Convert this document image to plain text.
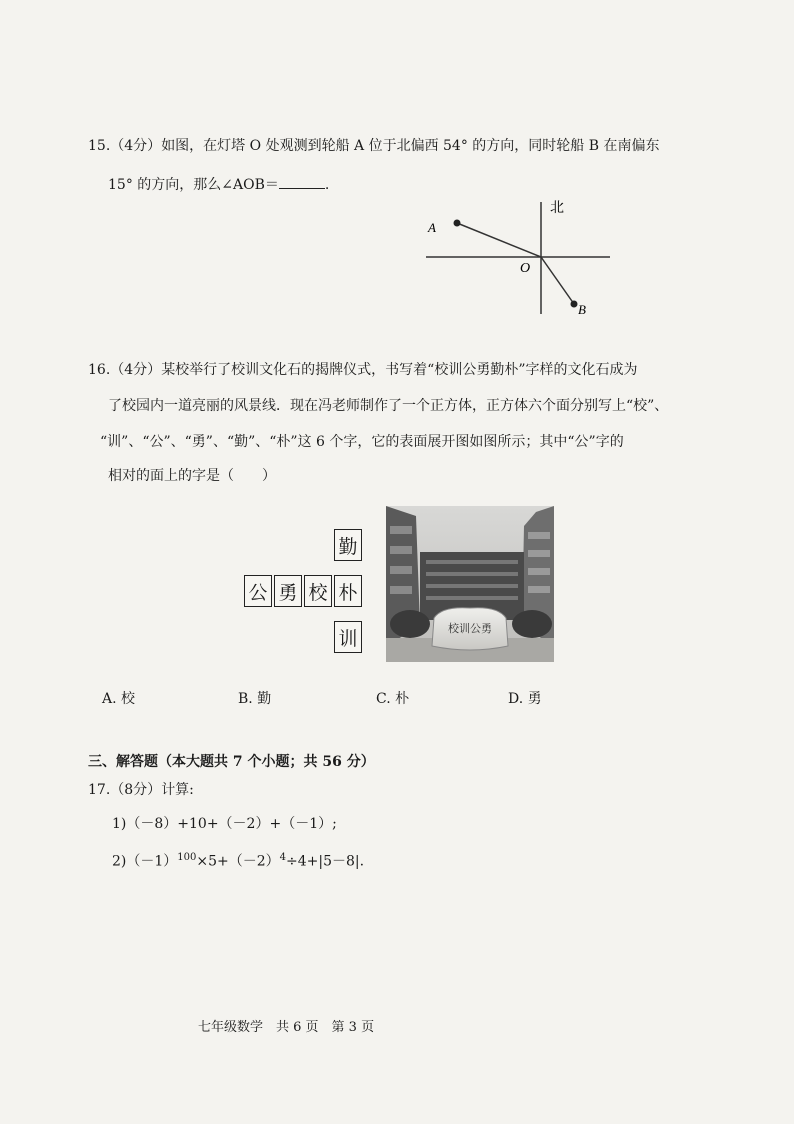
15.（4分）如图，在灯塔 O 处观测到轮船 A 位于北偏西 54° 的方向，同时轮船 B 在南偏东
15° 的方向，那么∠AOB＝	.
A
O
B
北
16.（4分）某校举行了校训文化石的揭牌仪式，书写着“校训公勇勤朴”字样的文化石成为
了校园内一道亮丽的风景线．现在冯老师制作了一个正方体，正方体六个面分别写上“校”、
“训”、“公”、“勇”、“勤”、“朴”这 6 个字，它的表面展开图如图所示；其中“公”字的
相对的面上的字是（　　）
勤
公 勇 校 朴
训	校训公勇
A. 校	B. 勤	C. 朴	D. 勇
三、解答题（本大题共 7 个小题；共 56 分）
17.（8分）计算:
1)（－8）+10+（－2）+（－1）;
$2)(-1)^{100}\times 5+(-2)^4\div 4+|5-8|$.
七年级数学　共 6 页　第 3 页
